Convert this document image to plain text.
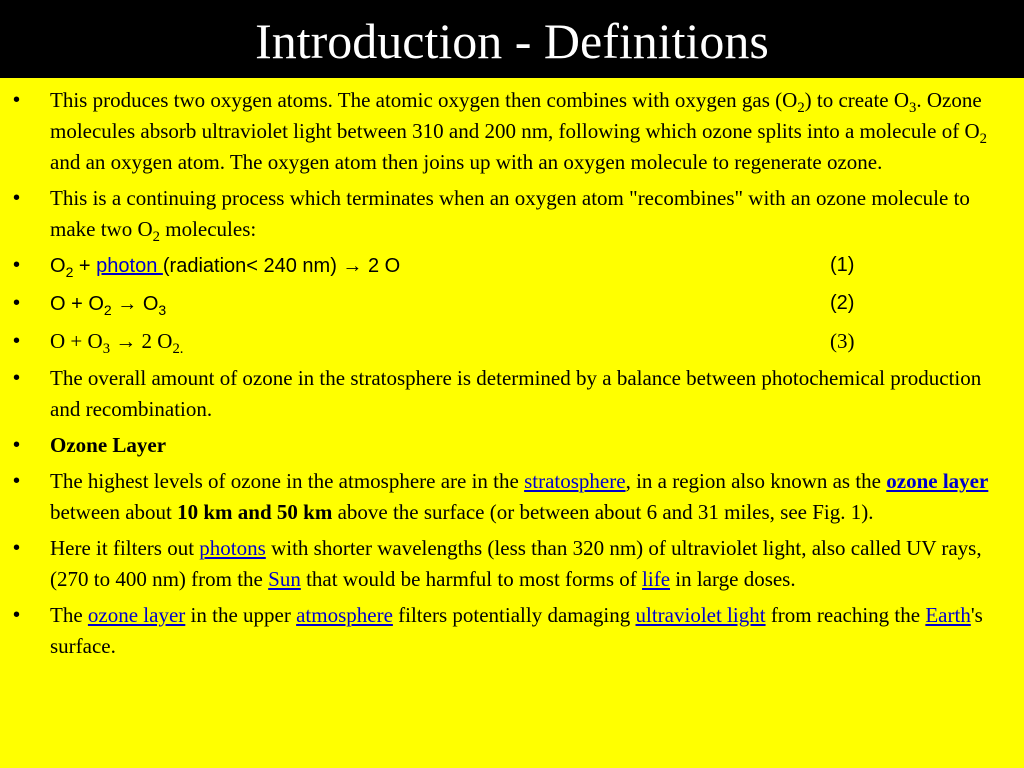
Introduction - Definitions
• This produces two oxygen atoms. The atomic oxygen then combines with oxygen gas $(O_2)$ to create $O_3$. Ozone molecules absorb ultraviolet light between 310 and 200 nm, following which ozone splits into a molecule of $O_2$ and an oxygen atom. The oxygen atom then joins up with an oxygen molecule to regenerate ozone.
• This is a continuing process which terminates when an oxygen atom "recombines" with an ozone molecule to make two $O_2$ molecules:
• $O_2$ + photon (radiation< 240 nm) → 2 O	(1)
• $O + O_2 \to O_3$	(2)
• $O + O_3 \to 2$ $O_{2.}$	(3)
• The overall amount of ozone in the stratosphere is determined by a balance between photochemical production and recombination.
• Ozone Layer
• The highest levels of ozone in the atmosphere are in the stratosphere, in a region also known as the ozone layer between about 10 km and 50 km above the surface (or between about 6 and 31 miles, see Fig. 1).
• Here it filters out photons with shorter wavelengths (less than 320 nm) of ultraviolet light, also called UV rays, (270 to 400 nm) from the Sun that would be harmful to most forms of life in large doses.
• The ozone layer in the upper atmosphere filters potentially damaging ultraviolet light from reaching the Earth's surface.
